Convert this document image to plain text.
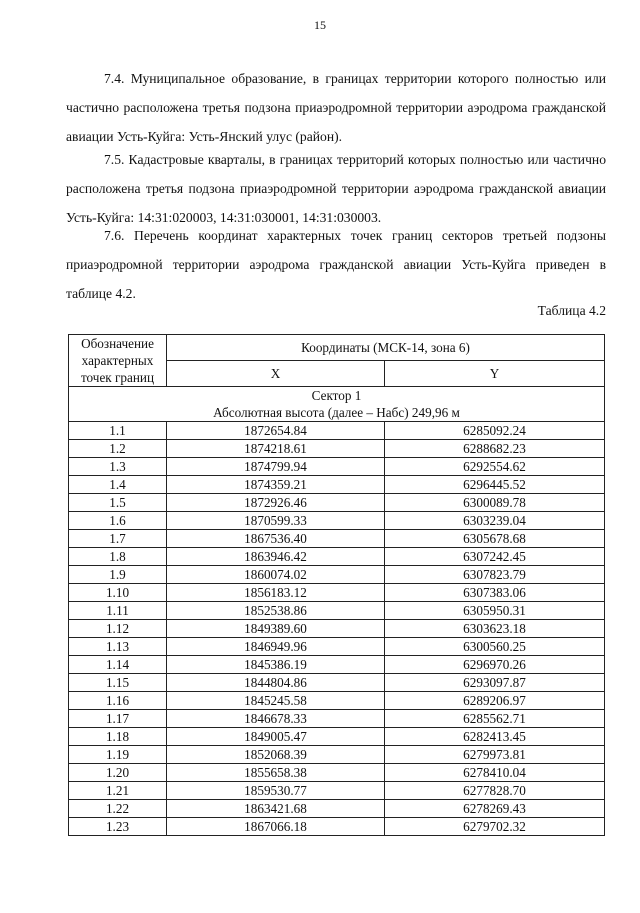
15

7.4. Муниципальное образование, в границах территории которого полностью или частично расположена третья подзона приаэродромной территории аэродрома гражданской авиации Усть-Куйга: Усть-Янский улус (район).

7.5. Кадастровые кварталы, в границах территорий которых полностью или частично расположена третья подзона приаэродромной территории аэродрома гражданской авиации Усть-Куйга: 14:31:020003, 14:31:030001, 14:31:030003.

7.6. Перечень координат характерных точек границ секторов третьей подзоны приаэродромной территории аэродрома гражданской авиации Усть-Куйга приведен в таблице 4.2.

Таблица 4.2
Обозначение характерных точек границ	Координаты (МСК-14, зона 6)	
	X	Y

Сектор 1
Абсолютная высота (далее – Набс) 249,96 м		

1.1	1872654.84	6285092.24
1.2	1874218.61	6288682.23
1.3	1874799.94	6292554.62
1.4	1874359.21	6296445.52
1.5	1872926.46	6300089.78
1.6	1870599.33	6303239.04
1.7	1867536.40	6305678.68
1.8	1863946.42	6307242.45
1.9	1860074.02	6307823.79
1.10	1856183.12	6307383.06
1.11	1852538.86	6305950.31
1.12	1849389.60	6303623.18
1.13	1846949.96	6300560.25
1.14	1845386.19	6296970.26
1.15	1844804.86	6293097.87
1.16	1845245.58	6289206.97
1.17	1846678.33	6285562.71
1.18	1849005.47	6282413.45
1.19	1852068.39	6279973.81
1.20	1855658.38	6278410.04
1.21	1859530.77	6277828.70
1.22	1863421.68	6278269.43
1.23	1867066.18	6279702.32
